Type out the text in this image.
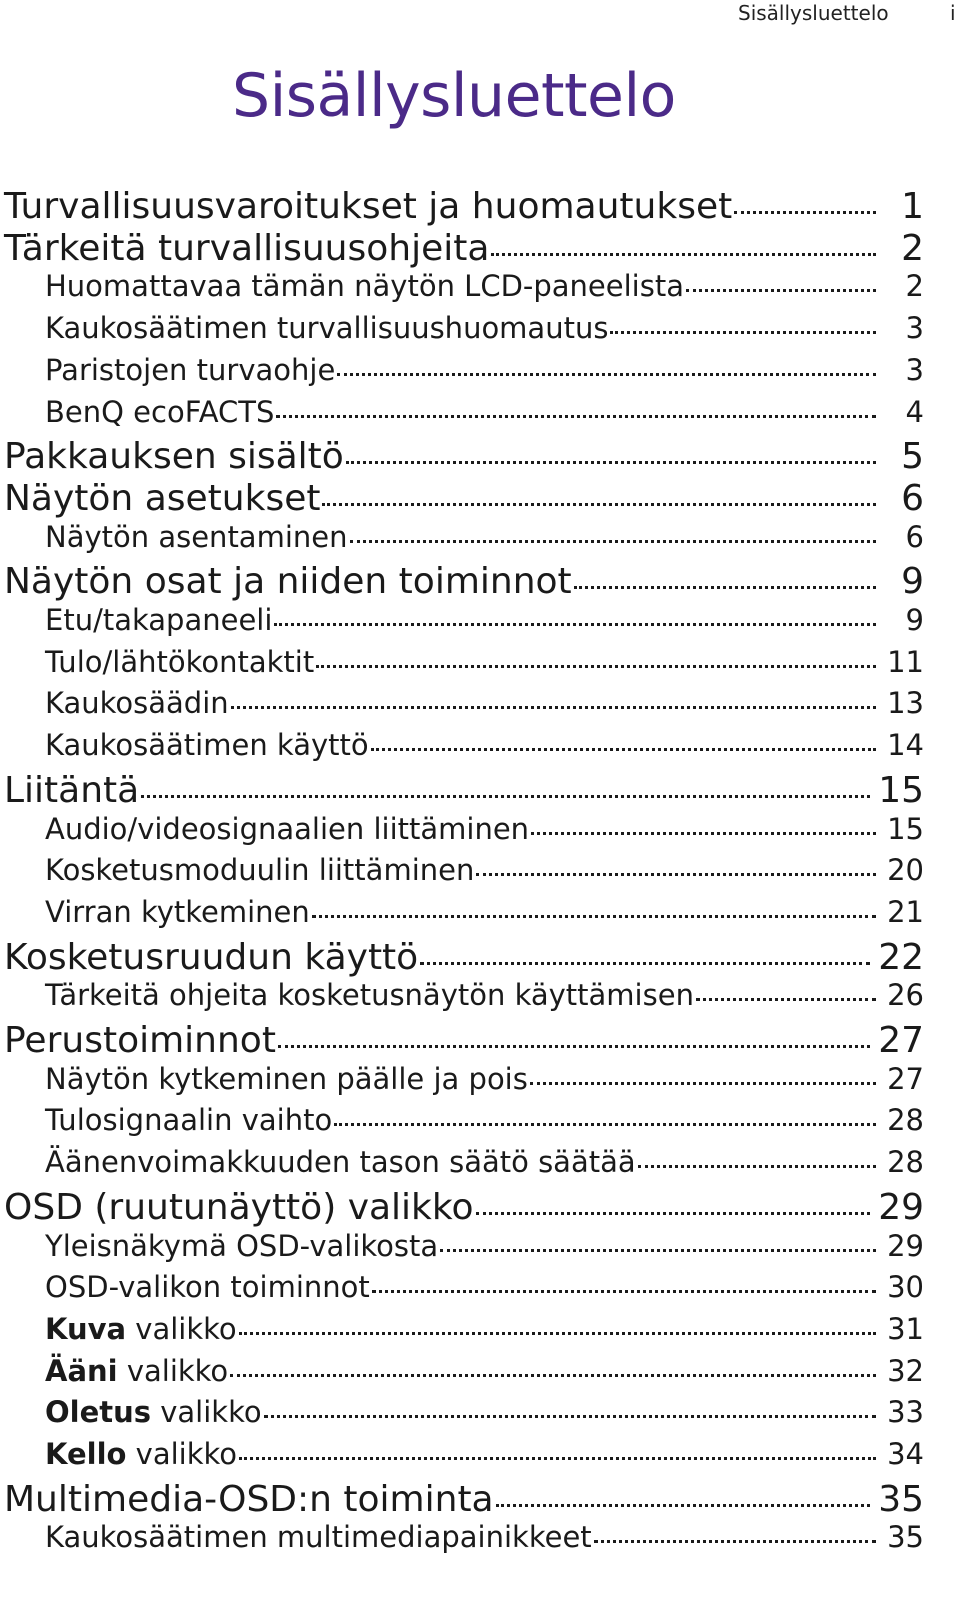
Sisällysluettelo	i
Sisällysluettelo
Turvallisuusvaroitukset ja huomautukset	1
Tärkeitä turvallisuusohjeita	2
Huomattavaa tämän näytön LCD-paneelista	2
Kaukosäätimen turvallisuushuomautus	3
Paristojen turvaohje	3
BenQ ecoFACTS	4
Pakkauksen sisältö	5
Näytön asetukset	6
Näytön asentaminen	6
Näytön osat ja niiden toiminnot	9
Etu/takapaneeli	9
Tulo/lähtökontaktit	11
Kaukosäädin	13
Kaukosäätimen käyttö	14
Liitäntä	15
Audio/videosignaalien liittäminen	15
Kosketusmoduulin liittäminen	20
Virran kytkeminen	21
Kosketusruudun käyttö	22
Tärkeitä ohjeita kosketusnäytön käyttämisen	26
Perustoiminnot	27
Näytön kytkeminen päälle ja pois	27
Tulosignaalin vaihto	28
Äänenvoimakkuuden tason säätö säätää	28
OSD (ruutunäyttö) valikko	29
Yleisnäkymä OSD-valikosta	29
OSD-valikon toiminnot	30
Kuva valikko	31
Ääni valikko	32
Oletus valikko	33
Kello valikko	34
Multimedia-OSD:n toiminta	35
Kaukosäätimen multimediapainikkeet	35
